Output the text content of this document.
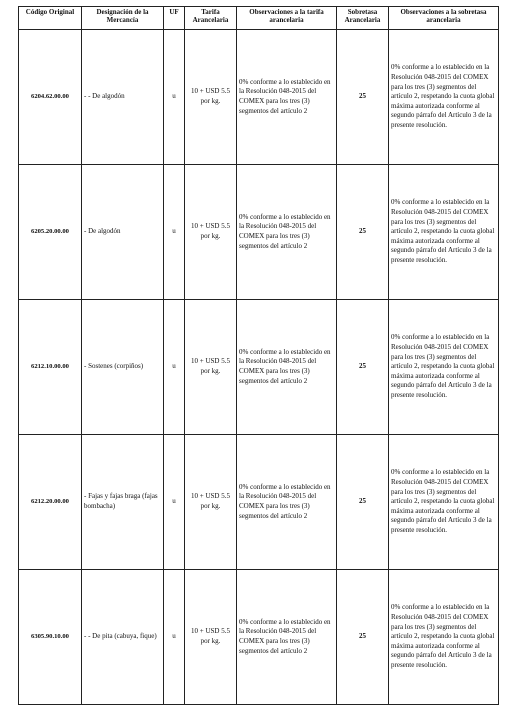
Código Original	Designación de la Mercancía	UF	Tarifa Arancelaria	Observaciones a la tarifa arancelaria	Sobretasa Arancelaria	Observaciones a la sobretasa arancelaria
6204.62.00.00	- - De algodón	u	10 + USD 5.5 por kg.	0% conforme a lo establecido en la Resolución 048-2015 del COMEX para los tres (3) segmentos del artículo 2	25	0% conforme a lo establecido en la Resolución 048-2015 del COMEX para los tres (3) segmentos del artículo 2, respetando la cuota global máxima autorizada conforme al segundo párrafo del Artículo 3 de la presente resolución.
6205.20.00.00	- De algodón	u	10 + USD 5.5 por kg.	0% conforme a lo establecido en la Resolución 048-2015 del COMEX para los tres (3) segmentos del artículo 2	25	0% conforme a lo establecido en la Resolución 048-2015 del COMEX para los tres (3) segmentos del artículo 2, respetando la cuota global máxima autorizada conforme al segundo párrafo del Artículo 3 de la presente resolución.
6212.10.00.00	- Sostenes (corpiños)	u	10 + USD 5.5 por kg.	0% conforme a lo establecido en la Resolución 048-2015 del COMEX para los tres (3) segmentos del artículo 2	25	0% conforme a lo establecido en la Resolución 048-2015 del COMEX para los tres (3) segmentos del artículo 2, respetando la cuota global máxima autorizada conforme al segundo párrafo del Artículo 3 de la presente resolución.
6212.20.00.00	- Fajas y fajas braga (fajas bombacha)	u	10 + USD 5.5 por kg.	0% conforme a lo establecido en la Resolución 048-2015 del COMEX para los tres (3) segmentos del artículo 2	25	0% conforme a lo establecido en la Resolución 048-2015 del COMEX para los tres (3) segmentos del artículo 2, respetando la cuota global máxima autorizada conforme al segundo párrafo del Artículo 3 de la presente resolución.
6305.90.10.00	- - De pita (cabuya, fique)	u	10 + USD 5.5 por kg.	0% conforme a lo establecido en la Resolución 048-2015 del COMEX para los tres (3) segmentos del artículo 2	25	0% conforme a lo establecido en la Resolución 048-2015 del COMEX para los tres (3) segmentos del artículo 2, respetando la cuota global máxima autorizada conforme al segundo párrafo del Artículo 3 de la presente resolución.
